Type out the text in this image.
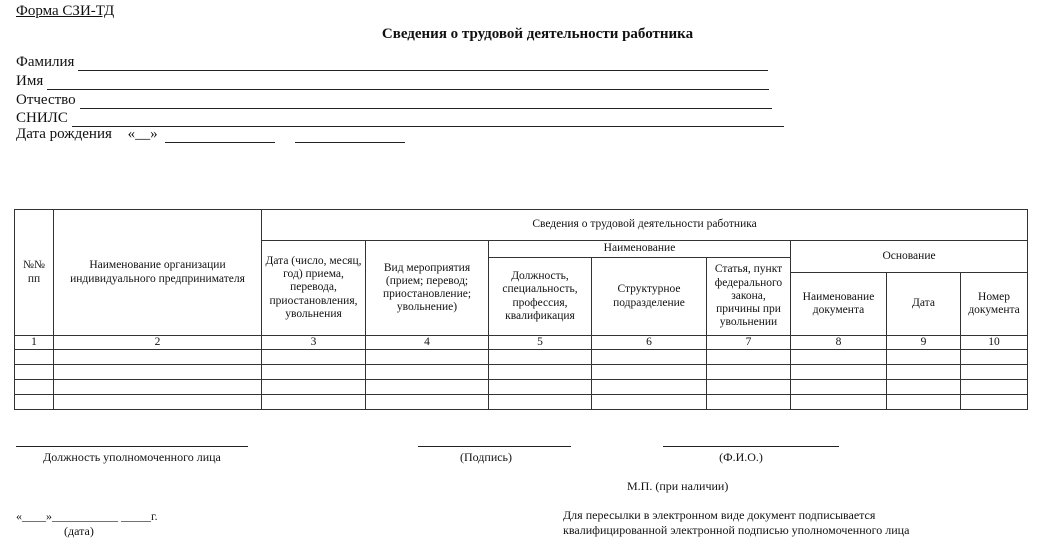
Форма СЗИ-ТД
Сведения о трудовой деятельности работника
Фамилия
Имя
Отчество
СНИЛС
Дата рождения «__»
№№ пп	Наименование организации индивидуального предпринимателя	Сведения о трудовой деятельности работника							
		Дата (число, месяц, год) приема, перевода, приостановления, увольнения	Вид мероприятия (прием; перевод; приостановление; увольнение)	Наименование			Основание		
				Должность, специальность, профессия, квалификация	Структурное подразделение	Статья, пункт федерального закона, причины при увольнении			
							Наименование документа	Дата	Номер документа
1	2	3	4	5	6	7	8	9	10

Должность уполномоченного лица	(Подпись)	(Ф.И.О.)
М.П. (при наличии)
«____»___________ _____г.
(дата)
Для пересылки в электронном виде документ подписывается
квалифицированной электронной подписью уполномоченного лица
